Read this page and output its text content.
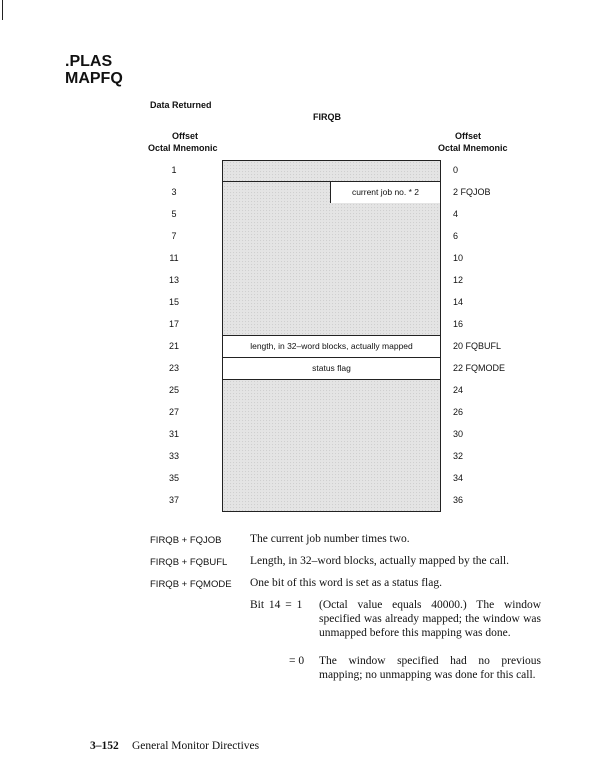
.PLAS
MAPFQ
Data Returned
FIRQB
Offset
Octal Mnemonic
Offset
Octal Mnemonic
1	0
3	2 FQJOB
5	4
7	6
11	10
13	12
15	14
17	16
21	20 FQBUFL
23	22 FQMODE
25	24
27	26
31	30
33	32
35	34
37	36
current job no. * 2
length, in 32–word blocks, actually mapped
status flag
FIRQB + FQJOB The current job number times two.
FIRQB + FQBUFL Length, in 32–word blocks, actually mapped by the call.
FIRQB + FQMODE One bit of this word is set as a status flag.
Bit 14 = 1 (Octal value equals 40000.) The window specified was already mapped; the window was unmapped before this mapping was done.
= 0 The window specified had no previous mapping; no unmapping was done for this call.
3–152 General Monitor Directives
